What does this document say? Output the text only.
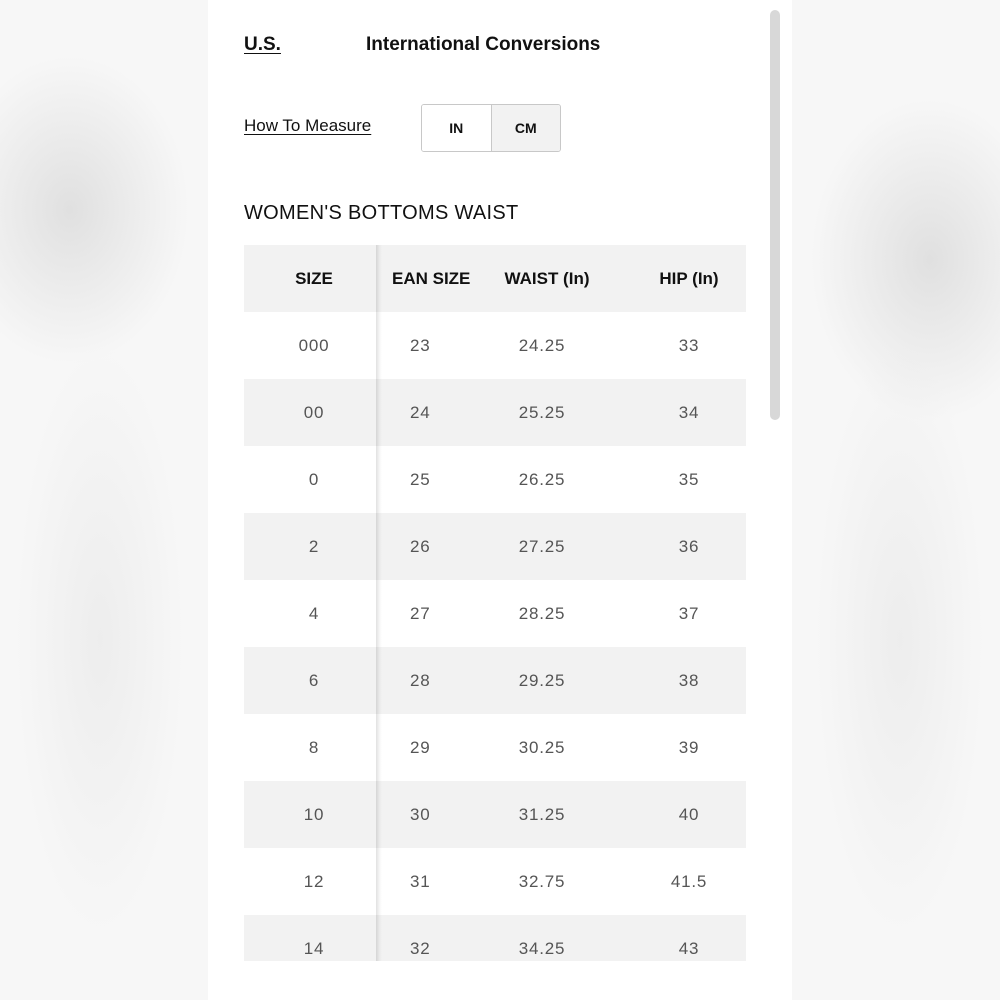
U.S.	International Conversions
How To Measure	IN	CM
WOMEN'S BOTTOMS WAIST
SIZE	EAN SIZE	WAIST (In)	HIP (In)
000	23	24.25	33
00	24	25.25	34
0	25	26.25	35
2	26	27.25	36
4	27	28.25	37
6	28	29.25	38
8	29	30.25	39
10	30	31.25	40
12	31	32.75	41.5
14	32	34.25	43
